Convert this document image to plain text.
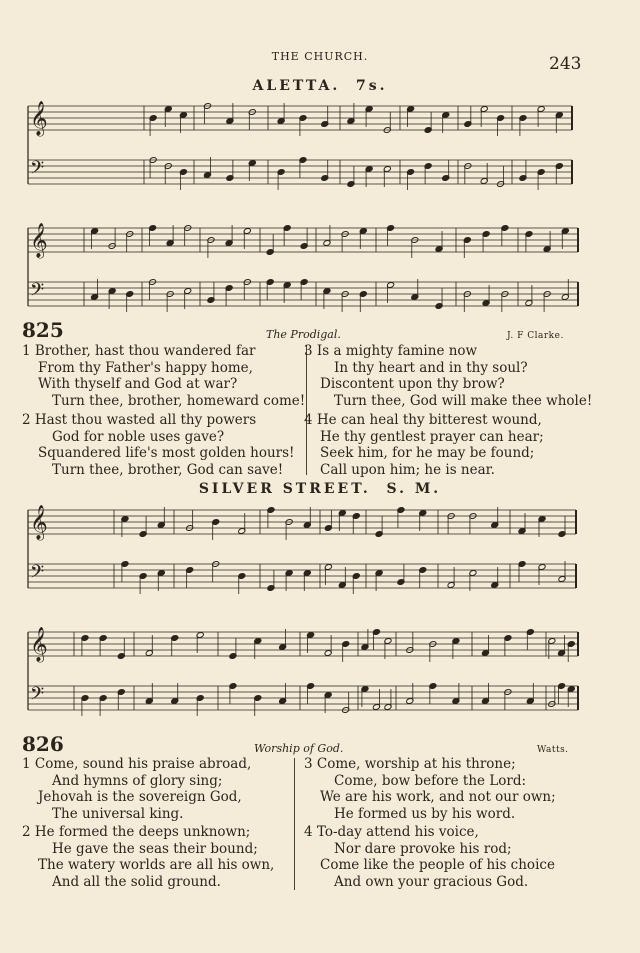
THE CHURCH.	243
ALETTA. 7s.
𝄞
𝄢
𝄞
𝄢
825	The Prodigal.	J. F Clarke.
1 Brother, hast thou wandered far
From thy Father's happy home,
With thyself and God at war?
Turn thee, brother, homeward come!
2 Hast thou wasted all thy powers
God for noble uses gave?
Squandered life's most golden hours!
Turn thee, brother, God can save!
3 Is a mighty famine now
In thy heart and in thy soul?
Discontent upon thy brow?
Turn thee, God will make thee whole!
4 He can heal thy bitterest wound,
He thy gentlest prayer can hear;
Seek him, for he may be found;
Call upon him; he is near.
SILVER STREET. S. M.
𝄞
𝄢
𝄞
𝄢
826	Worship of God.	Watts.
1 Come, sound his praise abroad,
And hymns of glory sing;
Jehovah is the sovereign God,
The universal king.
2 He formed the deeps unknown;
He gave the seas their bound;
The watery worlds are all his own,
And all the solid ground.
3 Come, worship at his throne;
Come, bow before the Lord:
We are his work, and not our own;
He formed us by his word.
4 To-day attend his voice,
Nor dare provoke his rod;
Come like the people of his choice
And own your gracious God.
